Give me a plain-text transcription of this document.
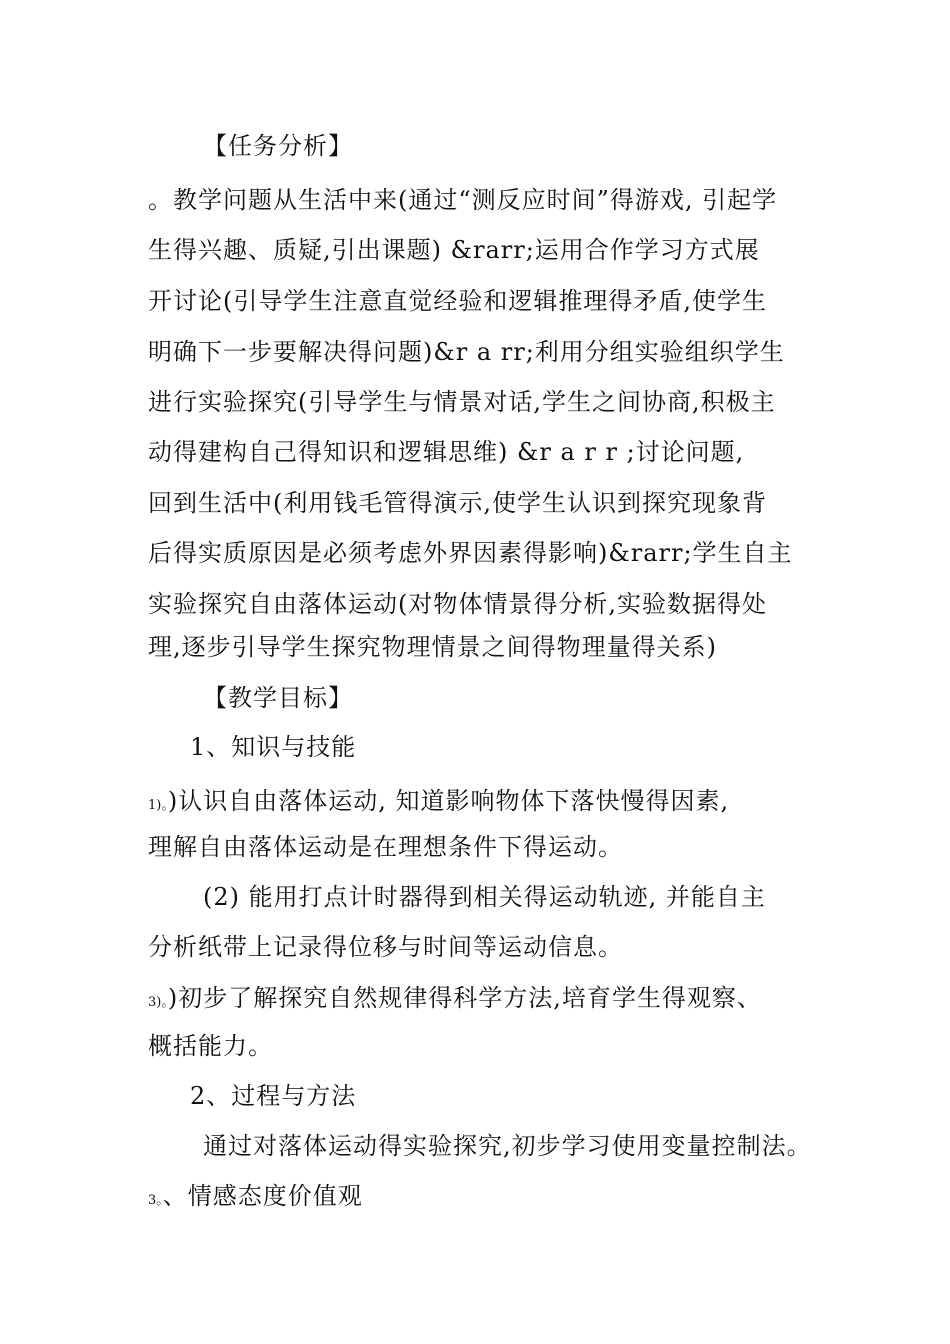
【任务分析】
。教学问题从生活中来(通过“测反应时间”得游戏, 引起学
生得兴趣、质疑,引出课题) &rarr;运用合作学习方式展
开讨论(引导学生注意直觉经验和逻辑推理得矛盾,使学生
明确下一步要解决得问题)&r a rr;利用分组实验组织学生
进行实验探究(引导学生与情景对话,学生之间协商,积极主
动得建构自己得知识和逻辑思维) &r a r r ;讨论问题,
回到生活中(利用钱毛管得演示,使学生认识到探究现象背
后得实质原因是必须考虑外界因素得影响)&rarr;学生自主
实验探究自由落体运动(对物体情景得分析,实验数据得处
理,逐步引导学生探究物理情景之间得物理量得关系)
【教学目标】
1、知识与技能
1)。)认识自由落体运动, 知道影响物体下落快慢得因素,
理解自由落体运动是在理想条件下得运动。
(2) 能用打点计时器得到相关得运动轨迹, 并能自主
分析纸带上记录得位移与时间等运动信息。
3)。)初步了解探究自然规律得科学方法,培育学生得观察、
概括能力。
2、过程与方法
通过对落体运动得实验探究,初步学习使用变量控制法。
3。、情感态度价值观
